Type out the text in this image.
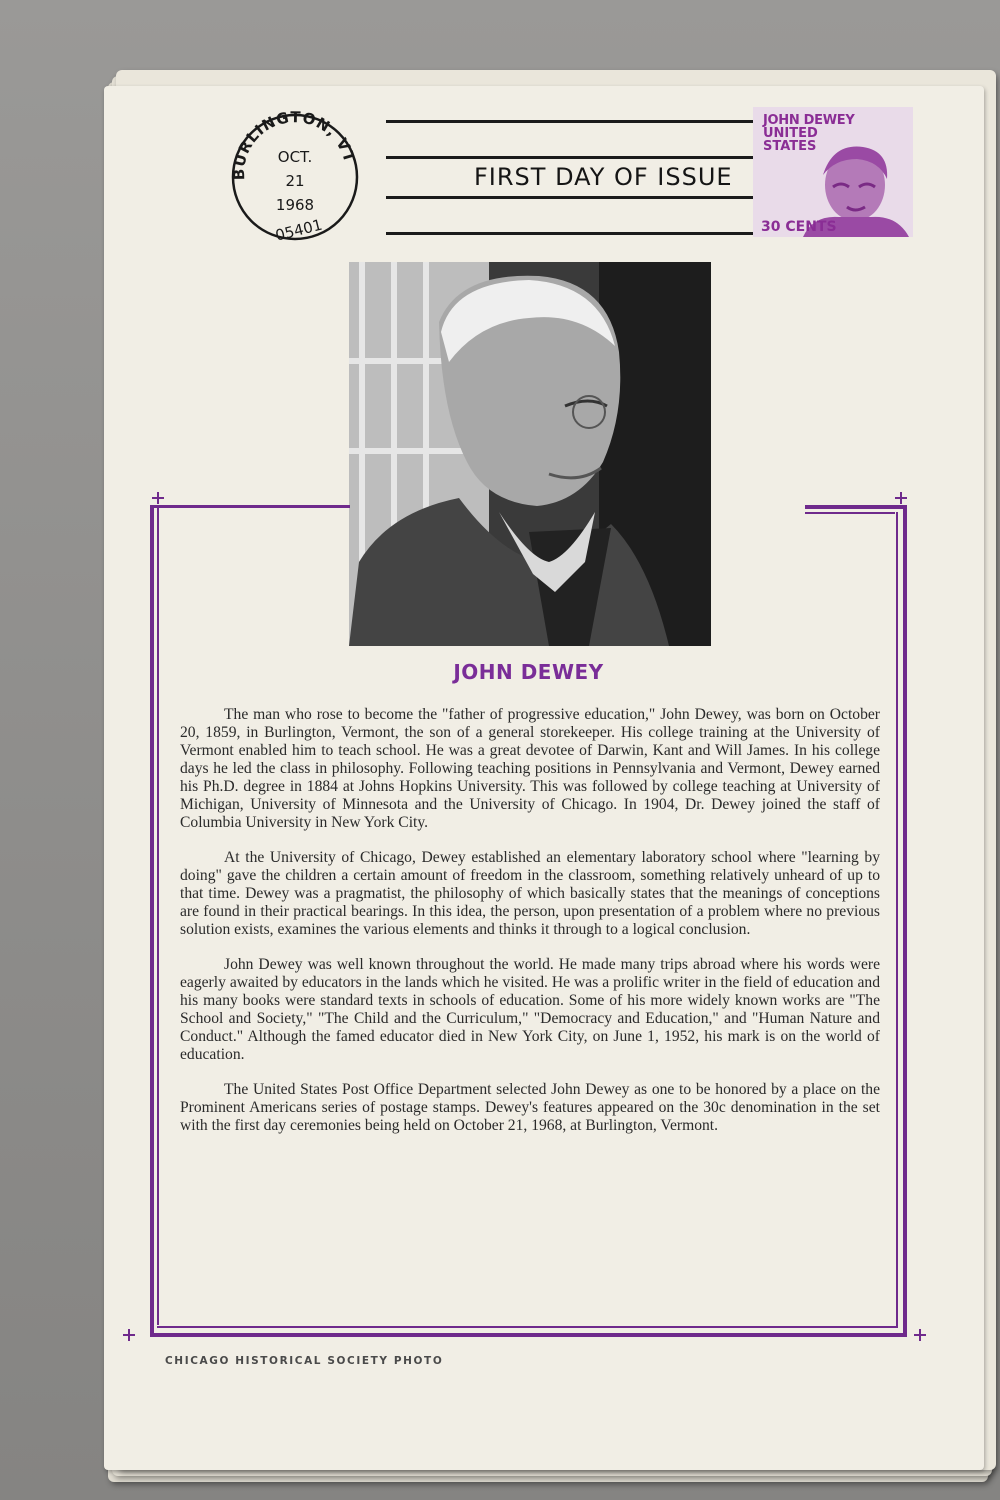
BURLINGTON, VT
OCT.
21
1968
05401
FIRST DAY OF ISSUE
JOHN DEWEY
UNITED STATES
30 CENTS
JOHN DEWEY

The man who rose to become the "father of progressive education," John Dewey, was born on October 20, 1859, in Burlington, Vermont, the son of a general storekeeper. His college training at the University of Vermont enabled him to teach school. He was a great devotee of Darwin, Kant and Will James. In his college days he led the class in philosophy. Following teaching positions in Pennsylvania and Vermont, Dewey earned his Ph.D. degree in 1884 at Johns Hopkins University. This was followed by college teaching at University of Michigan, University of Minnesota and the University of Chicago. In 1904, Dr. Dewey joined the staff of Columbia University in New York City.

At the University of Chicago, Dewey established an elementary laboratory school where "learning by doing" gave the children a certain amount of freedom in the classroom, something relatively unheard of up to that time. Dewey was a pragmatist, the philosophy of which basically states that the meanings of conceptions are found in their practical bearings. In this idea, the person, upon presentation of a problem where no previous solution exists, examines the various elements and thinks it through to a logical conclusion.

John Dewey was well known throughout the world. He made many trips abroad where his words were eagerly awaited by educators in the lands which he visited. He was a prolific writer in the field of education and his many books were standard texts in schools of education. Some of his more widely known works are "The School and Society," "The Child and the Curriculum," "Democracy and Education," and "Human Nature and Conduct." Although the famed educator died in New York City, on June 1, 1952, his mark is on the world of education.

The United States Post Office Department selected John Dewey as one to be honored by a place on the Prominent Americans series of postage stamps. Dewey's features appeared on the 30c denomination in the set with the first day ceremonies being held on October 21, 1968, at Burlington, Vermont.

CHICAGO HISTORICAL SOCIETY PHOTO
